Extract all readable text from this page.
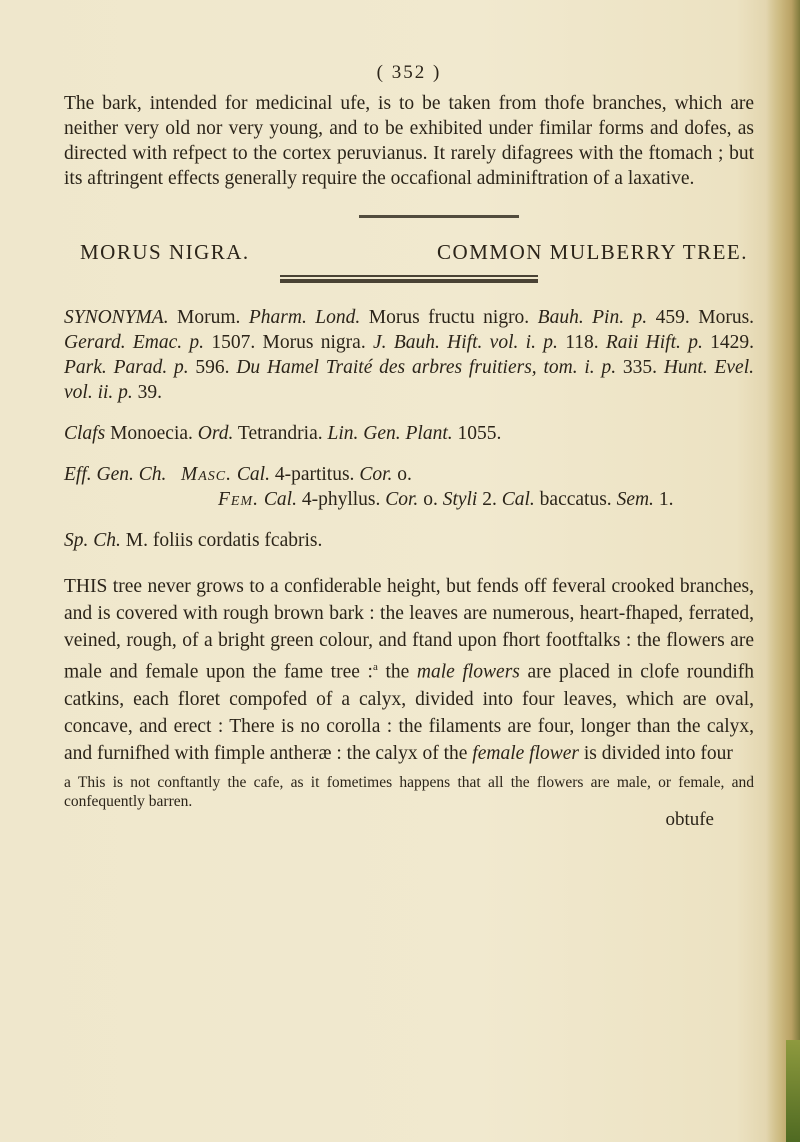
( 352 )

The bark, intended for medicinal ufe, is to be taken from thofe branches, which are neither very old nor very young, and to be exhibited under fimilar forms and dofes, as directed with refpect to the cortex peruvianus. It rarely difagrees with the ftomach ; but its aftringent effects generally require the occafional adminiftration of a laxative.

MORUS NIGRA.	COMMON MULBERRY TREE.

SYNONYMA. Morum. Pharm. Lond. Morus fructu nigro. Bauh. Pin. p. 459. Morus. Gerard. Emac. p. 1507. Morus nigra. J. Bauh. Hift. vol. i. p. 118. Raii Hift. p. 1429. Park. Parad. p. 596. Du Hamel Traité des arbres fruitiers, tom. i. p. 335. Hunt. Evel. vol. ii. p. 39.

Clafs Monoecia. Ord. Tetrandria. Lin. Gen. Plant. 1055.

Eff. Gen. Ch. Masc. Cal. 4-partitus. Cor. o.

Fem. Cal. 4-phyllus. Cor. o. Styli 2. Cal. baccatus. Sem. 1.

Sp. Ch. M. foliis cordatis fcabris.

THIS tree never grows to a confiderable height, but fends off feveral crooked branches, and is covered with rough brown bark : the leaves are numerous, heart-fhaped, ferrated, veined, rough, of a bright green colour, and ftand upon fhort footftalks : the flowers are male and female upon the fame tree :$^a$ the male flowers are placed in clofe roundifh catkins, each floret compofed of a calyx, divided into four leaves, which are oval, concave, and erect : There is no corolla : the filaments are four, longer than the calyx, and furnifhed with fimple antheræ : the calyx of the female flower is divided into four

a This is not conftantly the cafe, as it fometimes happens that all the flowers are male, or female, and confequently barren.

obtufe
